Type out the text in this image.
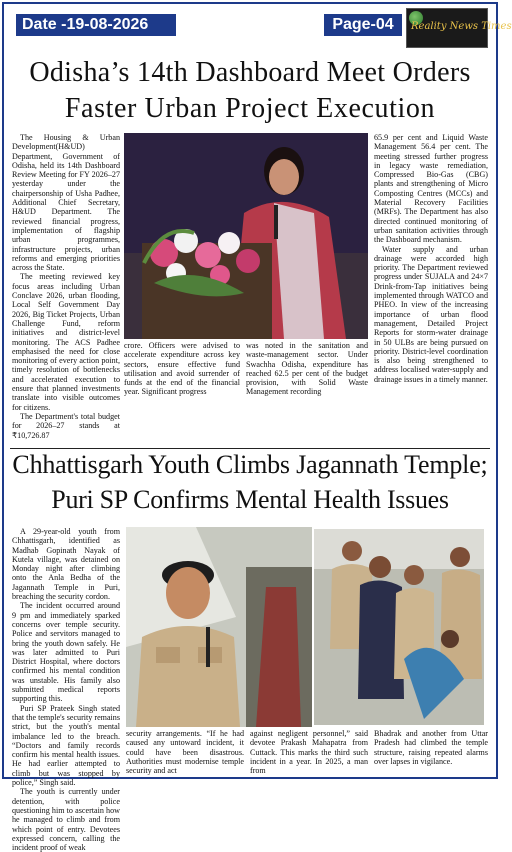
Date -19-08-2026	Page-04	Reality News Times
Odisha’s 14th Dashboard Meet Orders
Faster Urban Project Execution

The Housing & Urban Development(H&UD) Department, Government of Odisha, held its 14th Dashboard Review Meeting for FY 2026–27 yesterday under the chairpersonship of Usha Padhee, Additional Chief Secretary, H&UD Department. The reviewed financial progress, implementation of flagship urban programmes, infrastructure projects, urban reforms and emerging priorities across the State.

The meeting reviewed key focus areas including Urban Conclave 2026, urban flooding, Local Self Government Day 2026, Big Ticket Projects, Urban Challenge Fund, reform initiatives and district-level monitoring. The ACS Padhee emphasised the need for close monitoring of every action point, timely resolution of bottlenecks and accelerated execution to ensure that planned investments translate into visible outcomes for citizens.

The Department's total budget for 2026–27 stands at ₹10,726.87

crore. Officers were advised to accelerate expenditure across key sectors, ensure effective fund utilisation and avoid surrender of funds at the end of the financial year. Significant progress

was noted in the sanitation and waste-management sector. Under Swachha Odisha, expenditure has reached 62.5 per cent of the budget provision, with Solid Waste Management recording

65.9 per cent and Liquid Waste Management 56.4 per cent. The meeting stressed further progress in legacy waste remediation, Compressed Bio-Gas (CBG) plants and strengthening of Micro Composting Centres (MCCs) and Material Recovery Facilities (MRFs). The Department has also directed continued monitoring of urban sanitation activities through the Dashboard mechanism.

Water supply and urban drainage were accorded high priority. The Department reviewed progress under SUJALA and 24×7 Drink-from-Tap initiatives being implemented through WATCO and PHEO. In view of the increasing importance of urban flood management, Detailed Project Reports for storm-water drainage in 50 ULBs are being pursued on priority. District-level coordination is also being strengthened to address localised water-supply and drainage issues in a timely manner.

Chhattisgarh Youth Climbs Jagannath Temple;
Puri SP Confirms Mental Health Issues

A 29-year-old youth from Chhattisgarh, identified as Madhab Gopinath Nayak of Kutela village, was detained on Monday night after climbing onto the Anla Bedha of the Jagannath Temple in Puri, breaching the security cordon.

The incident occurred around 9 pm and immediately sparked concerns over temple security. Police and servitors managed to bring the youth down safely. He was later admitted to Puri District Hospital, where doctors confirmed his mental condition was unstable. His family also submitted medical reports supporting this.

Puri SP Prateek Singh stated that the temple's security remains strict, but the youth's mental imbalance led to the breach. “Doctors and family records confirm his mental health issues. He had earlier attempted to climb but was stopped by police,” Singh said.

The youth is currently under detention, with police questioning him to ascertain how he managed to climb and from which point of entry. Devotees expressed concern, calling the incident proof of weak

security arrangements. “If he had caused any untoward incident, it could have been disastrous. Authorities must modernise temple security and act

against negligent personnel,” said devotee Prakash Mahapatra from Cuttack. This marks the third such incident in a year. In 2025, a man from

Bhadrak and another from Uttar Pradesh had climbed the temple structure, raising repeated alarms over lapses in vigilance.
